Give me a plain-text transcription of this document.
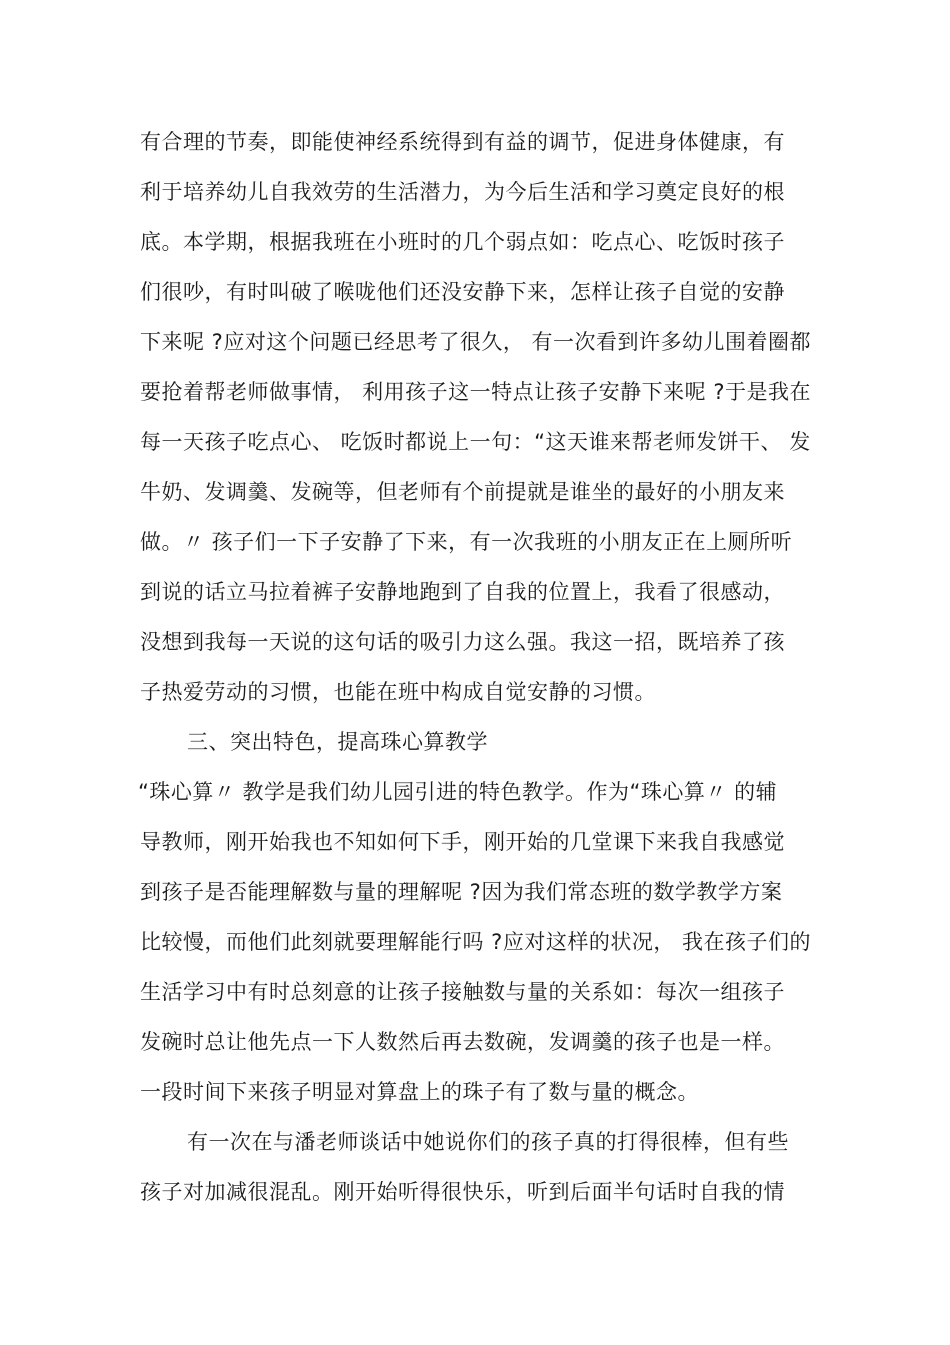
有合理的节奏，即能使神经系统得到有益的调节，促进身体健康，有
利于培养幼儿自我效劳的生活潜力，为今后生活和学习奠定良好的根
底。本学期，根据我班在小班时的几个弱点如：吃点心、吃饭时孩子
们很吵，有时叫破了喉咙他们还没安静下来，怎样让孩子自觉的安静
下来呢 ?应对这个问题已经思考了很久， 有一次看到许多幼儿围着圈都
要抢着帮老师做事情， 利用孩子这一特点让孩子安静下来呢 ?于是我在
每一天孩子吃点心、 吃饭时都说上一句：“这天谁来帮老师发饼干、 发
牛奶、发调羹、发碗等，但老师有个前提就是谁坐的最好的小朋友来
做。〃 孩子们一下子安静了下来，有一次我班的小朋友正在上厕所听
到说的话立马拉着裤子安静地跑到了自我的位置上，我看了很感动，
没想到我每一天说的这句话的吸引力这么强。我这一招，既培养了孩
子热爱劳动的习惯，也能在班中构成自觉安静的习惯。
三、突出特色，提高珠心算教学
“珠心算〃 教学是我们幼儿园引进的特色教学。作为“珠心算〃 的辅
导教师，刚开始我也不知如何下手，刚开始的几堂课下来我自我感觉
到孩子是否能理解数与量的理解呢 ?因为我们常态班的数学教学方案
比较慢，而他们此刻就要理解能行吗 ?应对这样的状况， 我在孩子们的
生活学习中有时总刻意的让孩子接触数与量的关系如：每次一组孩子
发碗时总让他先点一下人数然后再去数碗，发调羹的孩子也是一样。
一段时间下来孩子明显对算盘上的珠子有了数与量的概念。
有一次在与潘老师谈话中她说你们的孩子真的打得很棒，但有些
孩子对加减很混乱。刚开始听得很快乐，听到后面半句话时自我的情
